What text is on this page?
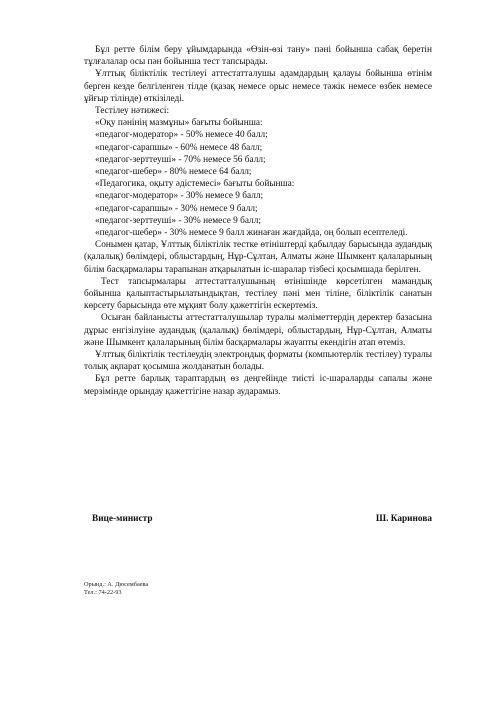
Бұл ретте білім беру ұйымдарында «Өзін-өзі тану» пәні бойынша сабақ беретін тұлғалалар осы пән бойынша тест тапсырады.

Ұлттық біліктілік тестілеуі аттестатталушы адамдардың қалауы бойынша өтінім берген кезде белгіленген тілде (қазақ немесе орыс немесе тәжік немесе өзбек немесе ұйғыр тілінде) өткізіледі.

Тестілеу нәтижесі:
«Оқу пәнінің мазмұны» бағыты бойынша:
«педагог-модератор» - 50% немесе 40 балл;
«педагог-сарапшы» - 60% немесе 48 балл;
«педагог-зерттеуші» - 70% немесе 56 балл;
«педагог-шебер» - 80% немесе 64 балл;
«Педагогика, оқыту әдістемесі» бағыты бойынша:
«педагог-модератор» - 30% немесе 9 балл;
«педагог-сарапшы» - 30% немесе 9 балл;
«педагог-зерттеуші» - 30% немесе 9 балл;

«педагог-шебер» - 30% немесе 9 балл жинаған жағдайда, оң болып есептеледі.

Сонымен қатар, Ұлттық біліктілік тестке өтініштерді қабылдау барысында аудандық (қалалық) бөлімдері, облыстардың, Нұр-Сұлтан, Алматы және Шымкент қалаларының білім басқармалары тарапынан атқарылатын іс-шаралар тізбесі қосымшада берілген.

Тест тапсырмалары аттестатталушының өтінішінде көрсетілген мамандық бойынша қалыптастырылатындықтан, тестілеу пәні мен тіліне, біліктілік санатын көрсету барысында өте мұқият болу қажеттігін ескертеміз.

Осыған байланысты аттестатталушылар туралы мәліметтердің деректер базасына дұрыс енгізілуіне аудандық (қалалық) бөлімдері, облыстардың, Нұр-Сұлтан, Алматы және Шымкент қалаларының білім басқармалары жауапты екендігін атап өтеміз.

Ұлттық біліктілік тестілеудің электрондық форматы (компьютерлік тестілеу) туралы толық ақпарат қосымша жолданатын болады.

Бұл ретте барлық тараптардың өз деңгейінде тиісті іс-шараларды сапалы және мерзімінде орындау қажеттігіне назар аударамыз.

Вице-министр	Ш. Каринова
Орынд.: А. Дюсембаева
Тел.: 74-22-93
